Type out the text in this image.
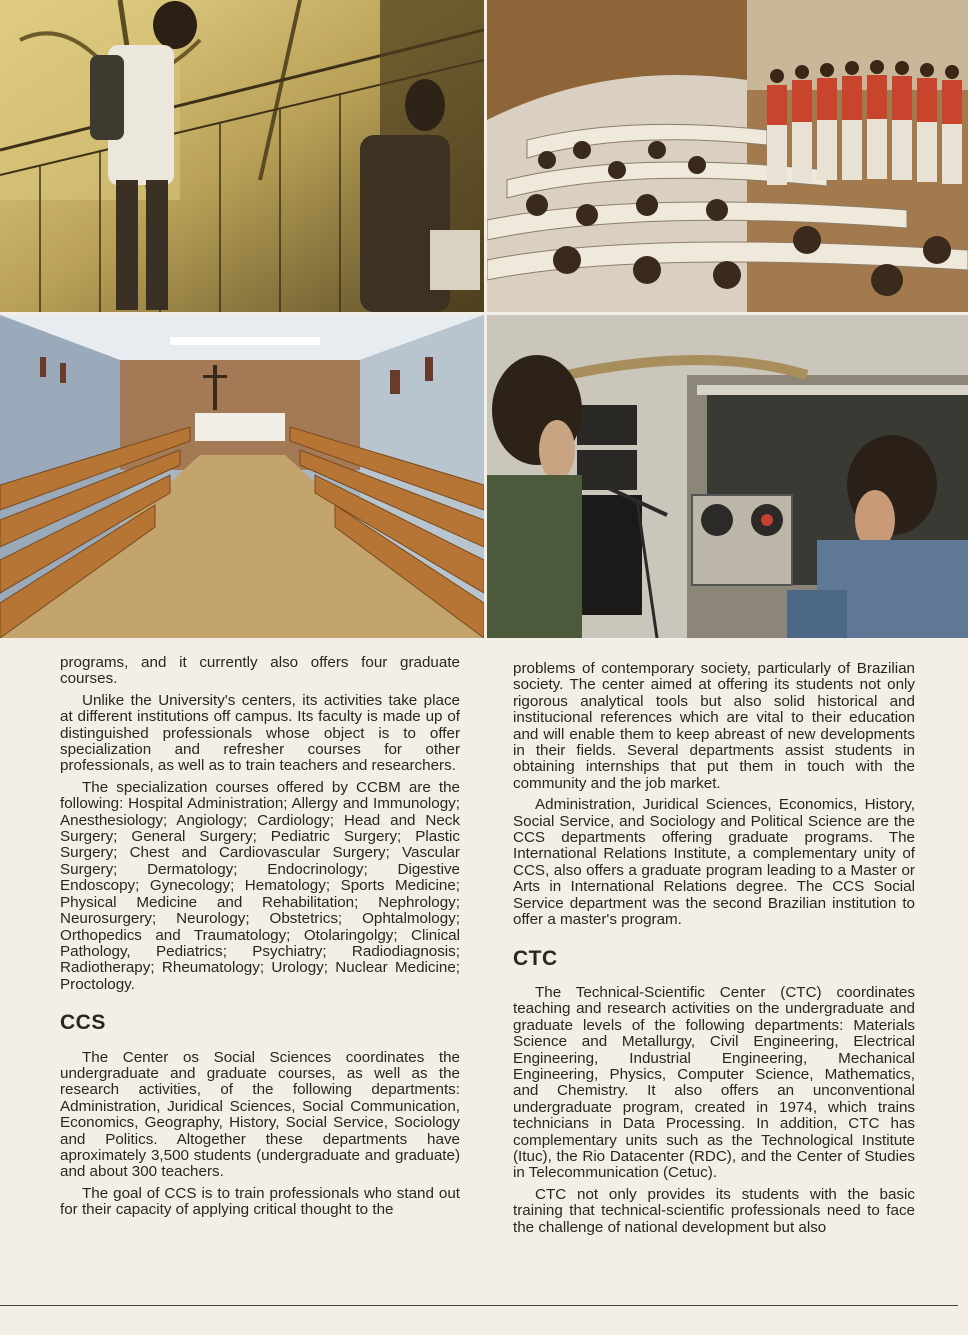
programs, and it currently also offers four graduate courses.

Unlike the University's centers, its activities take place at different institutions off campus. Its faculty is made up of distinguished professionals whose object is to offer specialization and refresher courses for other professionals, as well as to train teachers and researchers.

The specialization courses offered by CCBM are the following: Hospital Administration; Allergy and Immunology; Anesthesiology; Angiology; Cardiology; Head and Neck Surgery; General Surgery; Pediatric Surgery; Plastic Surgery; Chest and Cardiovascular Surgery; Vascular Surgery; Dermatology; Endocrinology; Digestive Endoscopy; Gynecology; Hematology; Sports Medicine; Physical Medicine and Rehabilitation; Nephrology; Neurosurgery; Neurology; Obstetrics; Ophtalmology; Orthopedics and Traumatology; Otolaringolgy; Clinical Pathology, Pediatrics; Psychiatry; Radiodiagnosis; Radiotherapy; Rheumatology; Urology; Nuclear Medicine; Proctology.

CCS

The Center os Social Sciences coordinates the undergraduate and graduate courses, as well as the research activities, of the following departments: Administration, Juridical Sciences, Social Communication, Economics, Geography, History, Social Service, Sociology and Politics. Altogether these departments have aproximately 3,500 students (undergraduate and graduate) and about 300 teachers.

The goal of CCS is to train professionals who stand out for their capacity of applying critical thought to the

problems of contemporary society, particularly of Brazilian society. The center aimed at offering its students not only rigorous analytical tools but also solid historical and institucional references which are vital to their education and will enable them to keep abreast of new developments in their fields. Several departments assist students in obtaining internships that put them in touch with the community and the job market.

Administration, Juridical Sciences, Economics, History, Social Service, and Sociology and Political Science are the CCS departments offering graduate programs. The International Relations Institute, a complementary unity of CCS, also offers a graduate program leading to a Master or Arts in International Relations degree. The CCS Social Service department was the second Brazilian institution to offer a master's program.

CTC

The Technical-Scientific Center (CTC) coordinates teaching and research activities on the undergraduate and graduate levels of the following departments: Materials Science and Metallurgy, Civil Engineering, Electrical Engineering, Industrial Engineering, Mechanical Engineering, Physics, Computer Science, Mathematics, and Chemistry. It also offers an unconventional undergraduate program, created in 1974, which trains technicians in Data Processing. In addition, CTC has complementary units such as the Technological Institute (Ituc), the Rio Datacenter (RDC), and the Center of Studies in Telecommunication (Cetuc).

CTC not only provides its students with the basic training that technical-scientific professionals need to face the challenge of national development but also
